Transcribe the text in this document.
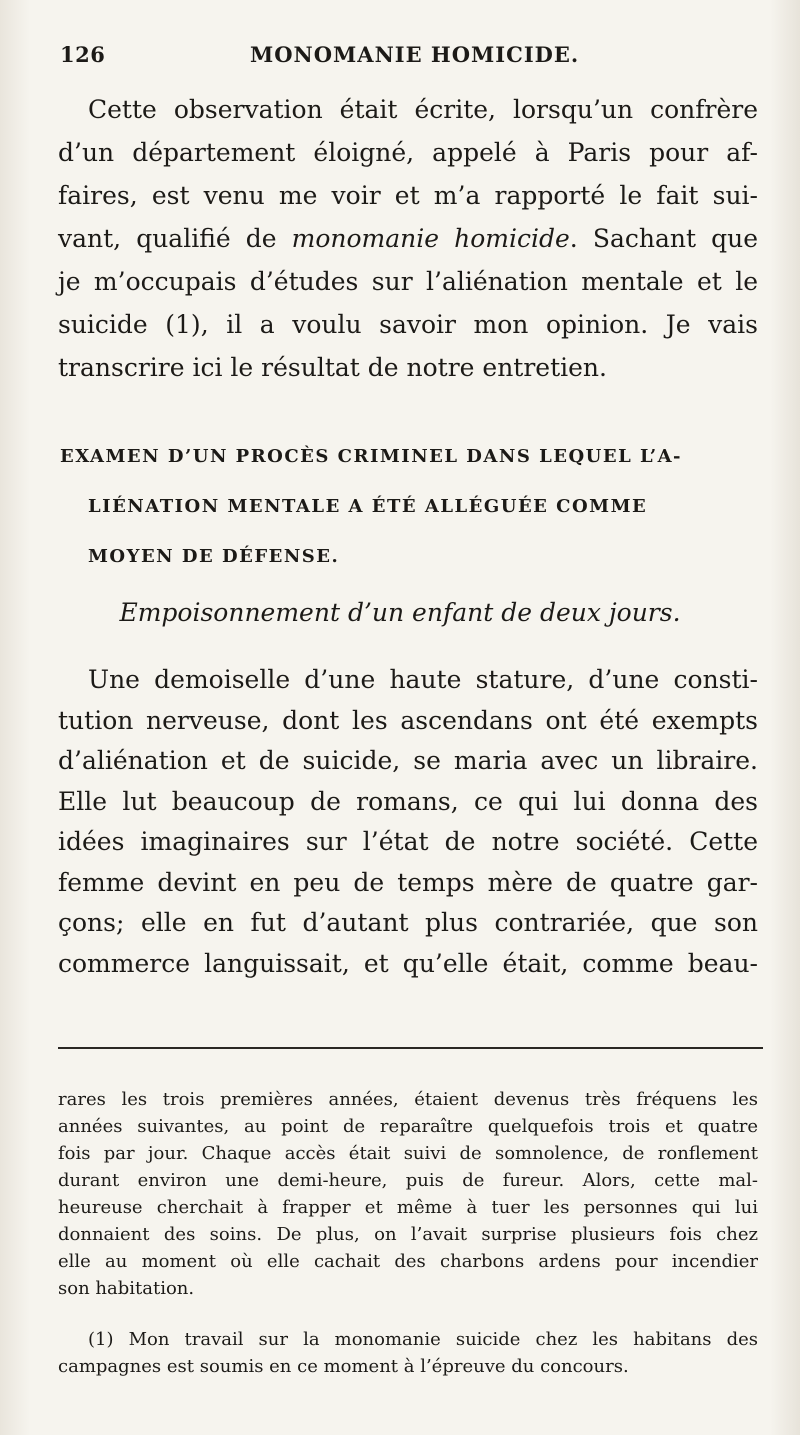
126	MONOMANIE HOMICIDE.
Cette observation était écrite, lorsqu’un confrère
d’un département éloigné, appelé à Paris pour af-
faires, est venu me voir et m’a rapporté le fait sui-
vant, qualifié de monomanie homicide. Sachant que
je m’occupais d’études sur l’aliénation mentale et le
suicide (1), il a voulu savoir mon opinion. Je vais
transcrire ici le résultat de notre entretien.
EXAMEN D’UN PROCÈS CRIMINEL DANS LEQUEL L’A-
LIÉNATION MENTALE A ÉTÉ ALLÉGUÉE COMME
MOYEN DE DÉFENSE.
Empoisonnement d’un enfant de deux jours.
Une demoiselle d’une haute stature, d’une consti-
tution nerveuse, dont les ascendans ont été exempts
d’aliénation et de suicide, se maria avec un libraire.
Elle lut beaucoup de romans, ce qui lui donna des
idées imaginaires sur l’état de notre société. Cette
femme devint en peu de temps mère de quatre gar-
çons; elle en fut d’autant plus contrariée, que son
commerce languissait, et qu’elle était, comme beau-
rares les trois premières années, étaient devenus très fréquens les
années suivantes, au point de reparaître quelquefois trois et quatre
fois par jour. Chaque accès était suivi de somnolence, de ronflement
durant environ une demi-heure, puis de fureur. Alors, cette mal-
heureuse cherchait à frapper et même à tuer les personnes qui lui
donnaient des soins. De plus, on l’avait surprise plusieurs fois chez
elle au moment où elle cachait des charbons ardens pour incendier
son habitation.
(1) Mon travail sur la monomanie suicide chez les habitans des
campagnes est soumis en ce moment à l’épreuve du concours.
